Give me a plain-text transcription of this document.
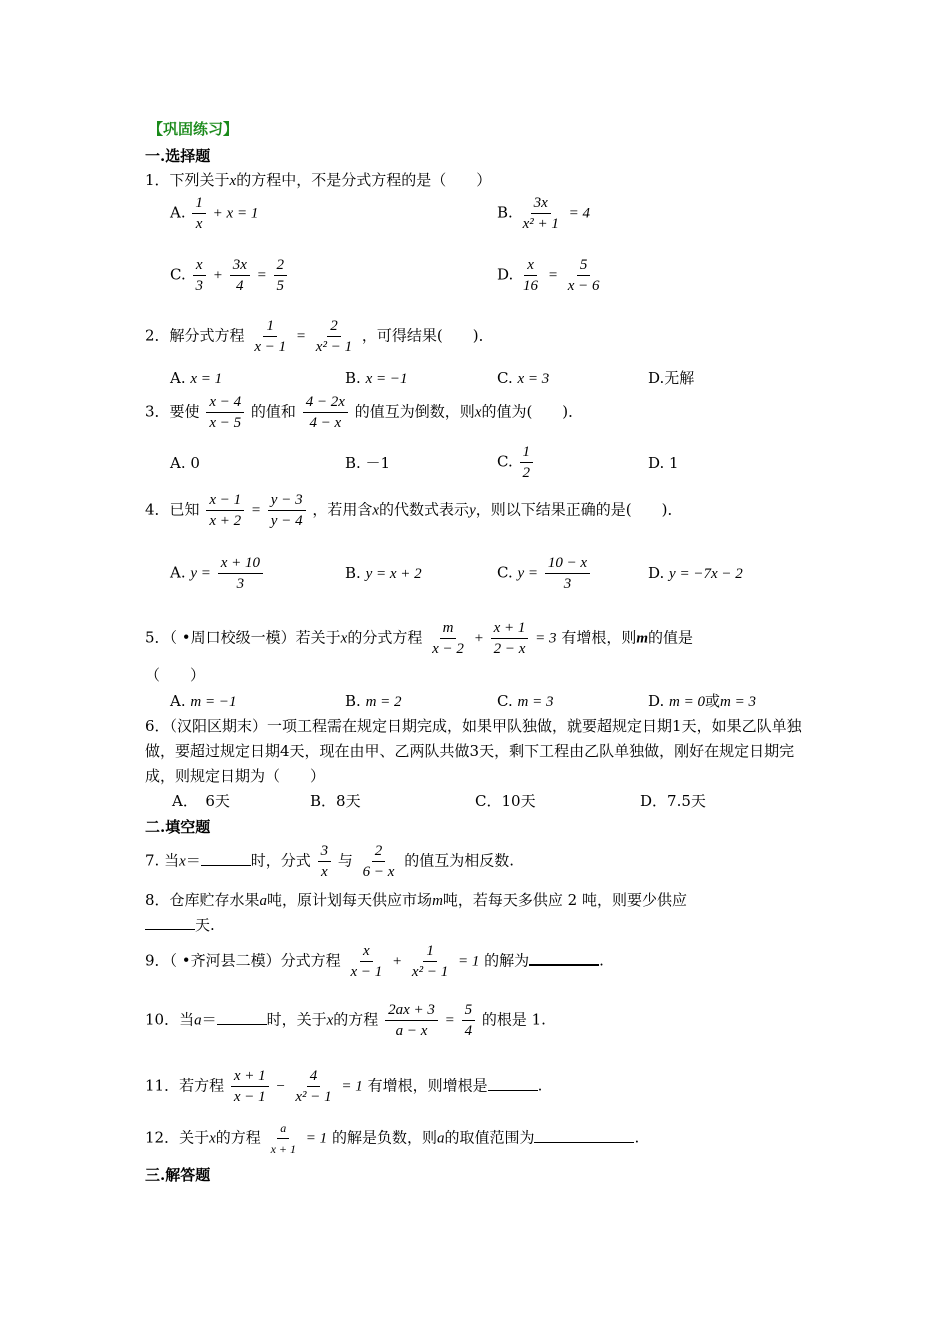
【巩固练习】
一.选择题
1．下列关于x的方程中，不是分式方程的是（　　）
A. $\frac{1}{x} + x = 1$	B. $\frac{3x}{\text{x² + 1}} = 4$
C. $\frac{x}{3} + \frac{3x}{4} = \frac{2}{5}$	D. $\frac{x}{16} = \frac{5}{x - 6}$
2．解分式方程 $\frac{1}{x - 1} = \frac{2}{\text{x² − 1}}$ ，可得结果(　　)．
A. x = 1	B. x = −1	C. x = 3	D.无解
3．要使 $\frac{x - 4}{x - 5}$ 的值和 $\frac{4 - 2x}{4 - x}$ 的值互为倒数，则x的值为(　　)．
A. 0	B. －1	C. $\frac{1}{2}$	D. 1
4．已知 $\frac{x - 1}{x + 2} = \frac{y - 3}{y - 4}$ ，若用含x的代数式表示y，则以下结果正确的是(　　)．
A. $y = \frac{x + 10}{3}$	B. y = x + 2	C. $y = \frac{10 - x}{3}$	D. y = −7x − 2
5．（ •周口校级一模）若关于x的分式方程 $\frac{m}{x - 2} + \frac{x + 1}{2 - x} = 3$ 有增根，则m的值是
（　　）
A. m = −1	B. m = 2	C. m = 3	D. m = 0或m = 3
6．（汉阳区期末）一项工程需在规定日期完成，如果甲队独做，就要超规定日期1天，如果乙队单独做，要超过规定日期4天，现在由甲、乙两队共做3天，剩下工程由乙队单独做，刚好在规定日期完成，则规定日期为（　　）
A．　6天	B．8天	C．10天	D．7.5天
二.填空题
7. 当x＝	时，分式 $\frac{3}{x}$ 与 $\frac{2}{6 - x}$ 的值互为相反数.
8．仓库贮存水果a吨，原计划每天供应市场m吨，若每天多供应 2 吨，则要少供应
天.
9．（ •齐河县二模）分式方程 $\frac{x}{x - 1} + \frac{1}{\text{x² − 1}} = 1$ 的解为	.
10．当a＝	时，关于x的方程 $\frac{2ax + 3}{a - x} = \frac{5}{4}$ 的根是 1.
11．若方程 $\frac{x + 1}{x - 1} - \frac{4}{\text{x² − 1}} = 1$ 有增根，则增根是	.
12．关于x的方程 $\frac{a}{x + 1} = 1$ 的解是负数，则a的取值范围为	.
三.解答题
